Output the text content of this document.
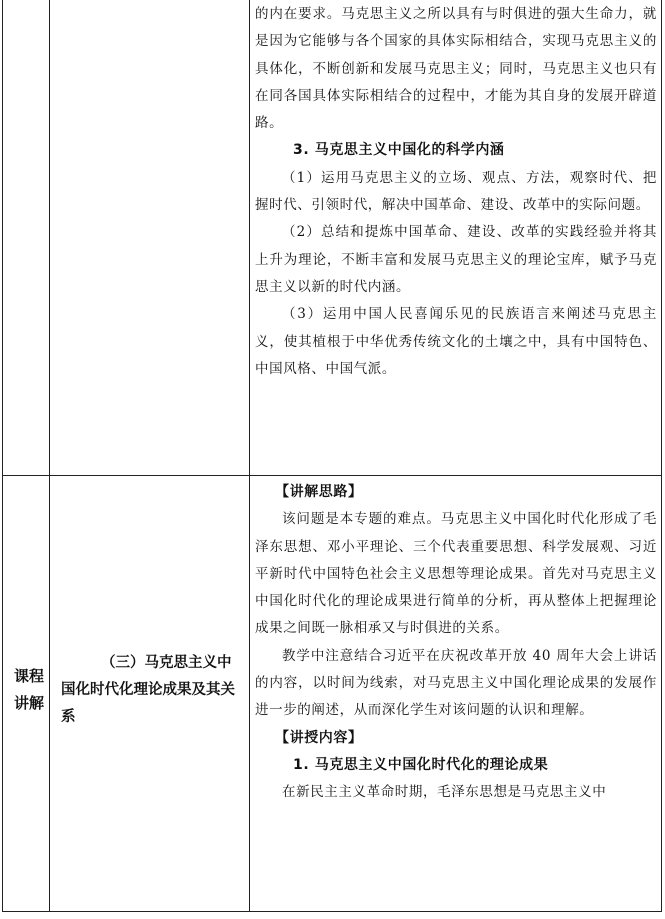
的内在要求。马克思主义之所以具有与时俱进的强大生命力，就是因为它能够与各个国家的具体实际相结合，实现马克思主义的具体化，不断创新和发展马克思主义；同时，马克思主义也只有在同各国具体实际相结合的过程中，才能为其自身的发展开辟道路。

3. 马克思主义中国化的科学内涵

（1）运用马克思主义的立场、观点、方法，观察时代、把握时代、引领时代，解决中国革命、建设、改革中的实际问题。

（2）总结和提炼中国革命、建设、改革的实践经验并将其上升为理论，不断丰富和发展马克思主义的理论宝库，赋予马克思主义以新的时代内涵。

（3）运用中国人民喜闻乐见的民族语言来阐述马克思主义，使其植根于中华优秀传统文化的土壤之中，具有中国特色、中国风格、中国气派。

课程
讲解
（三）马克思主义中
国化时代化理论成果及其关系

【讲解思路】

该问题是本专题的难点。马克思主义中国化时代化形成了毛泽东思想、邓小平理论、三个代表重要思想、科学发展观、习近平新时代中国特色社会主义思想等理论成果。首先对马克思主义中国化时代化的理论成果进行简单的分析，再从整体上把握理论成果之间既一脉相承又与时俱进的关系。

教学中注意结合习近平在庆祝改革开放 40 周年大会上讲话的内容，以时间为线索，对马克思主义中国化理论成果的发展作进一步的阐述，从而深化学生对该问题的认识和理解。

【讲授内容】

1. 马克思主义中国化时代化的理论成果

在新民主主义革命时期，毛泽东思想是马克思主义中
